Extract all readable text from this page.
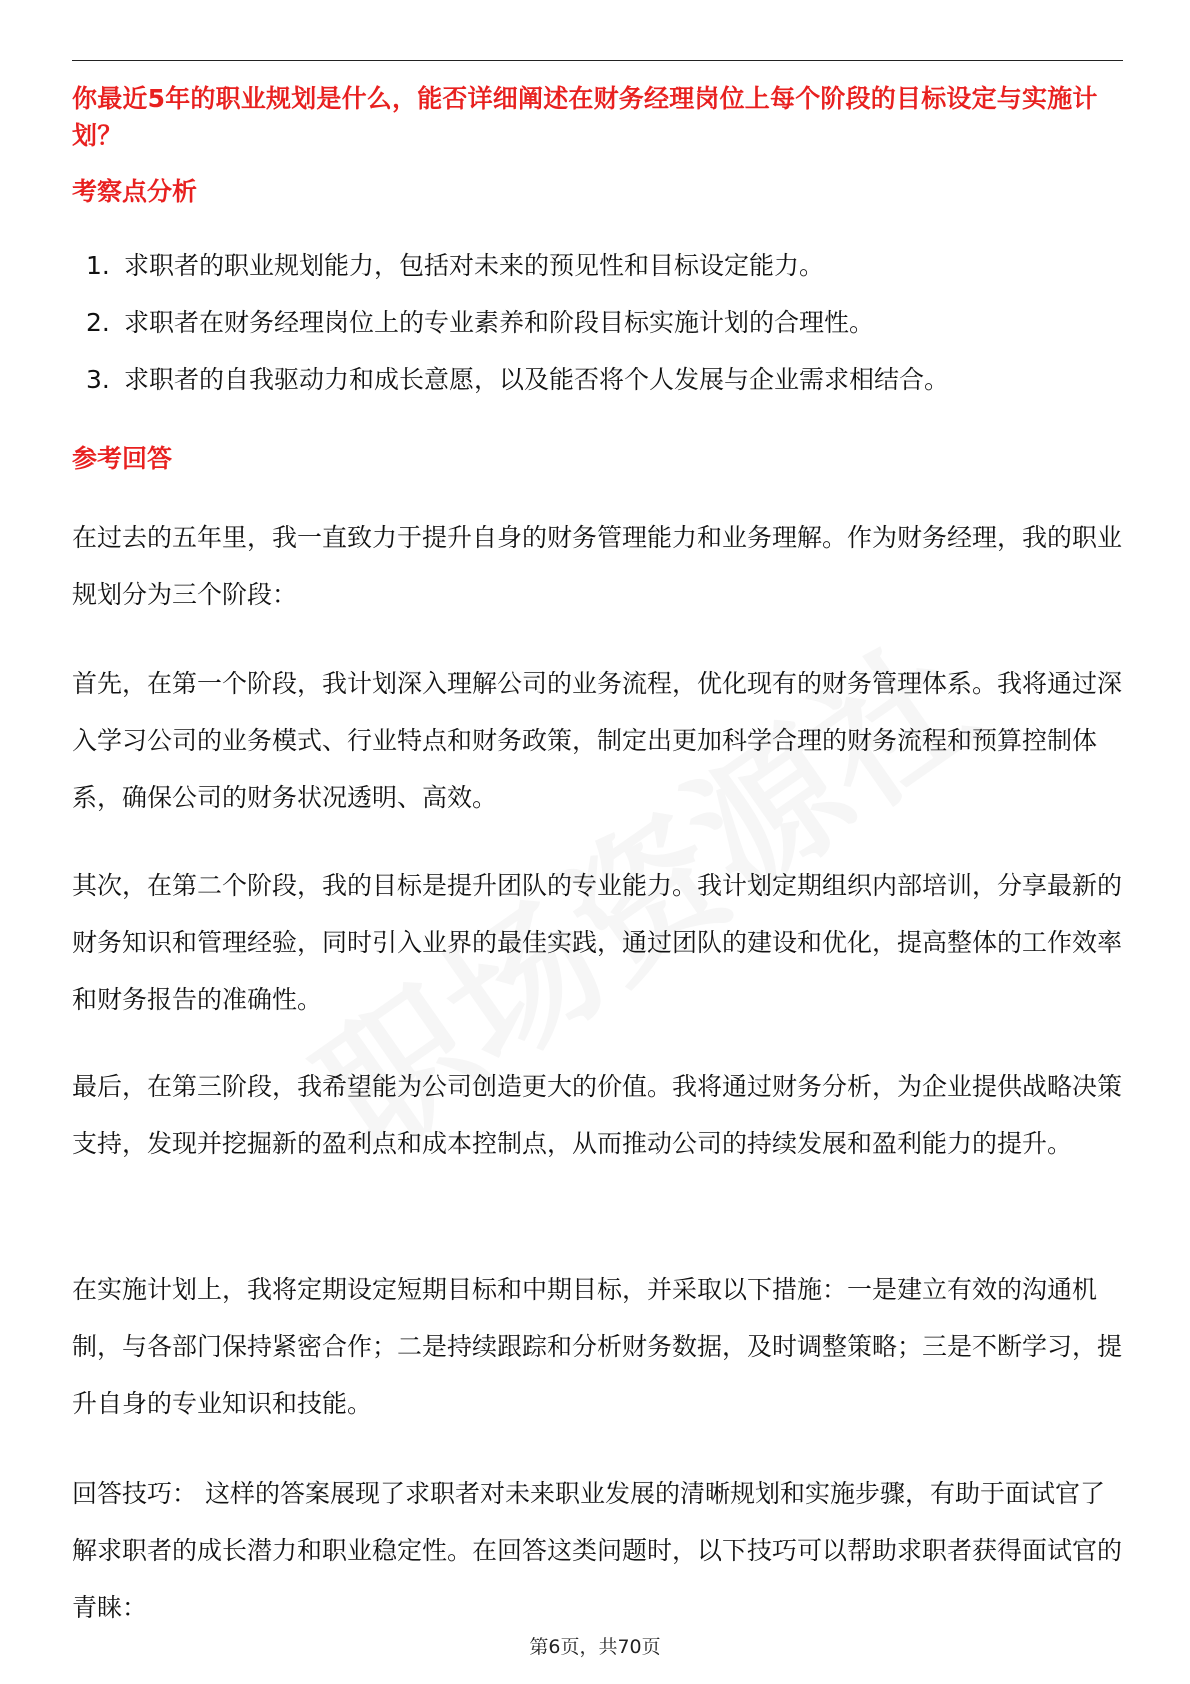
你最近5年的职业规划是什么，能否详细阐述在财务经理岗位上每个阶段的目标设定与实施计划？
考察点分析
1. 求职者的职业规划能力，包括对未来的预见性和目标设定能力。
2. 求职者在财务经理岗位上的专业素养和阶段目标实施计划的合理性。
3. 求职者的自我驱动力和成长意愿，以及能否将个人发展与企业需求相结合。
参考回答

在过去的五年里，我一直致力于提升自身的财务管理能力和业务理解。作为财务经理，我的职业规划分为三个阶段：

首先，在第一个阶段，我计划深入理解公司的业务流程，优化现有的财务管理体系。我将通过深入学习公司的业务模式、行业特点和财务政策，制定出更加科学合理的财务流程和预算控制体系，确保公司的财务状况透明、高效。

其次，在第二个阶段，我的目标是提升团队的专业能力。我计划定期组织内部培训，分享最新的财务知识和管理经验，同时引入业界的最佳实践，通过团队的建设和优化，提高整体的工作效率和财务报告的准确性。

最后，在第三阶段，我希望能为公司创造更大的价值。我将通过财务分析，为企业提供战略决策支持，发现并挖掘新的盈利点和成本控制点，从而推动公司的持续发展和盈利能力的提升。

在实施计划上，我将定期设定短期目标和中期目标，并采取以下措施：一是建立有效的沟通机制，与各部门保持紧密合作；二是持续跟踪和分析财务数据，及时调整策略；三是不断学习，提升自身的专业知识和技能。

回答技巧： 这样的答案展现了求职者对未来职业发展的清晰规划和实施步骤，有助于面试官了解求职者的成长潜力和职业稳定性。在回答这类问题时，以下技巧可以帮助求职者获得面试官的青睐：

第6页，共70页
